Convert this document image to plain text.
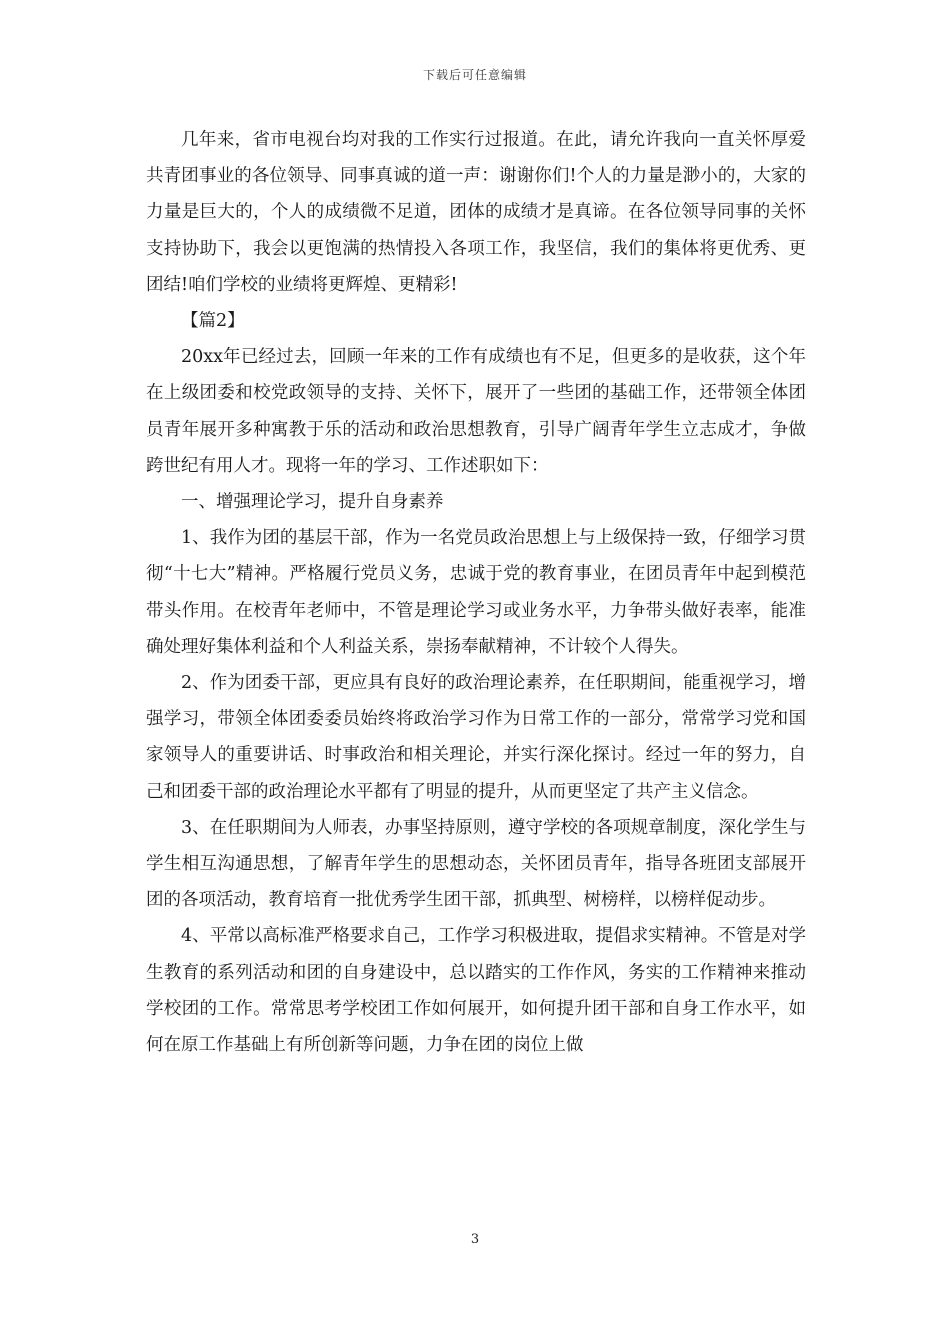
下载后可任意编辑

几年来，省市电视台均对我的工作实行过报道。在此，请允许我向一直关怀厚爱共青团事业的各位领导、同事真诚的道一声：谢谢你们!个人的力量是渺小的，大家的力量是巨大的，个人的成绩微不足道，团体的成绩才是真谛。在各位领导同事的关怀支持协助下，我会以更饱满的热情投入各项工作，我坚信，我们的集体将更优秀、更团结!咱们学校的业绩将更辉煌、更精彩!

【篇2】

20xx年已经过去，回顾一年来的工作有成绩也有不足，但更多的是收获，这个年在上级团委和校党政领导的支持、关怀下，展开了一些团的基础工作，还带领全体团员青年展开多种寓教于乐的活动和政治思想教育，引导广阔青年学生立志成才，争做跨世纪有用人才。现将一年的学习、工作述职如下：

一、增强理论学习，提升自身素养

1、我作为团的基层干部，作为一名党员政治思想上与上级保持一致，仔细学习贯彻“十七大”精神。严格履行党员义务，忠诚于党的教育事业，在团员青年中起到模范带头作用。在校青年老师中，不管是理论学习或业务水平，力争带头做好表率，能准确处理好集体利益和个人利益关系，崇扬奉献精神，不计较个人得失。

2、作为团委干部，更应具有良好的政治理论素养，在任职期间，能重视学习，增强学习，带领全体团委委员始终将政治学习作为日常工作的一部分，常常学习党和国家领导人的重要讲话、时事政治和相关理论，并实行深化探讨。经过一年的努力，自己和团委干部的政治理论水平都有了明显的提升，从而更坚定了共产主义信念。

3、在任职期间为人师表，办事坚持原则，遵守学校的各项规章制度，深化学生与学生相互沟通思想，了解青年学生的思想动态，关怀团员青年，指导各班团支部展开团的各项活动，教育培育一批优秀学生团干部，抓典型、树榜样，以榜样促动步。

4、平常以高标准严格要求自己，工作学习积极进取，提倡求实精神。不管是对学生教育的系列活动和团的自身建设中，总以踏实的工作作风，务实的工作精神来推动学校团的工作。常常思考学校团工作如何展开，如何提升团干部和自身工作水平，如何在原工作基础上有所创新等问题，力争在团的岗位上做

3
